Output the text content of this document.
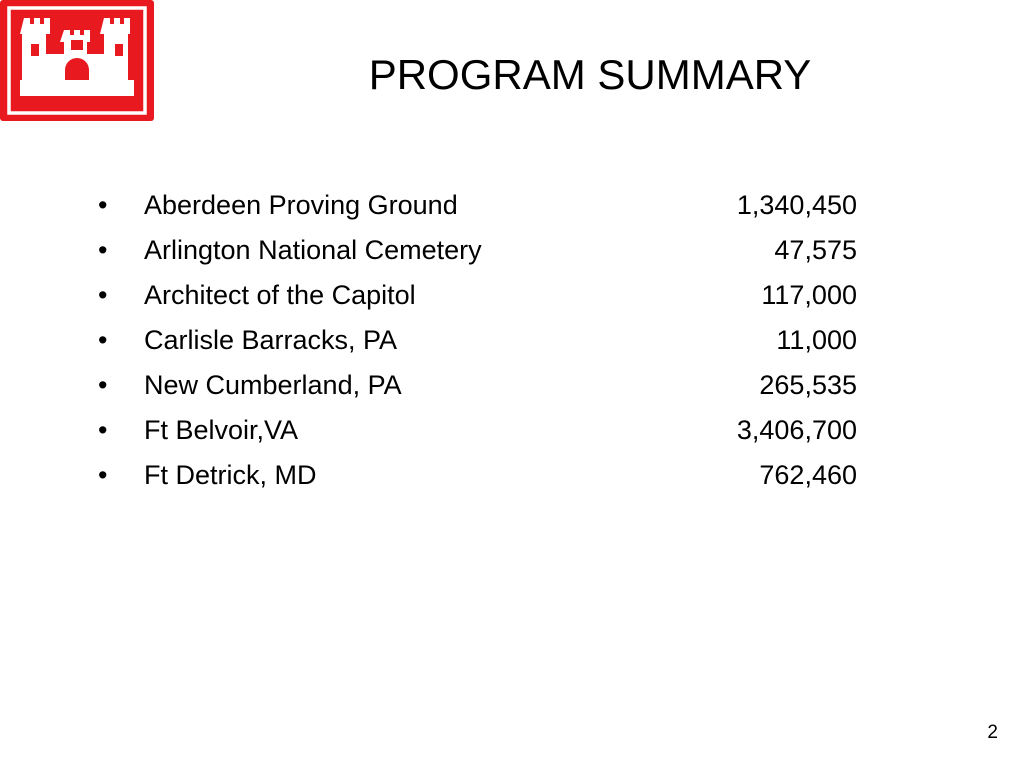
PROGRAM SUMMARY
•	Aberdeen Proving Ground	1,340,450
•	Arlington National Cemetery	47,575
•	Architect of the Capitol	117,000
•	Carlisle Barracks, PA	11,000
•	New Cumberland, PA	265,535
•	Ft Belvoir,VA	3,406,700
•	Ft Detrick, MD	762,460
2
